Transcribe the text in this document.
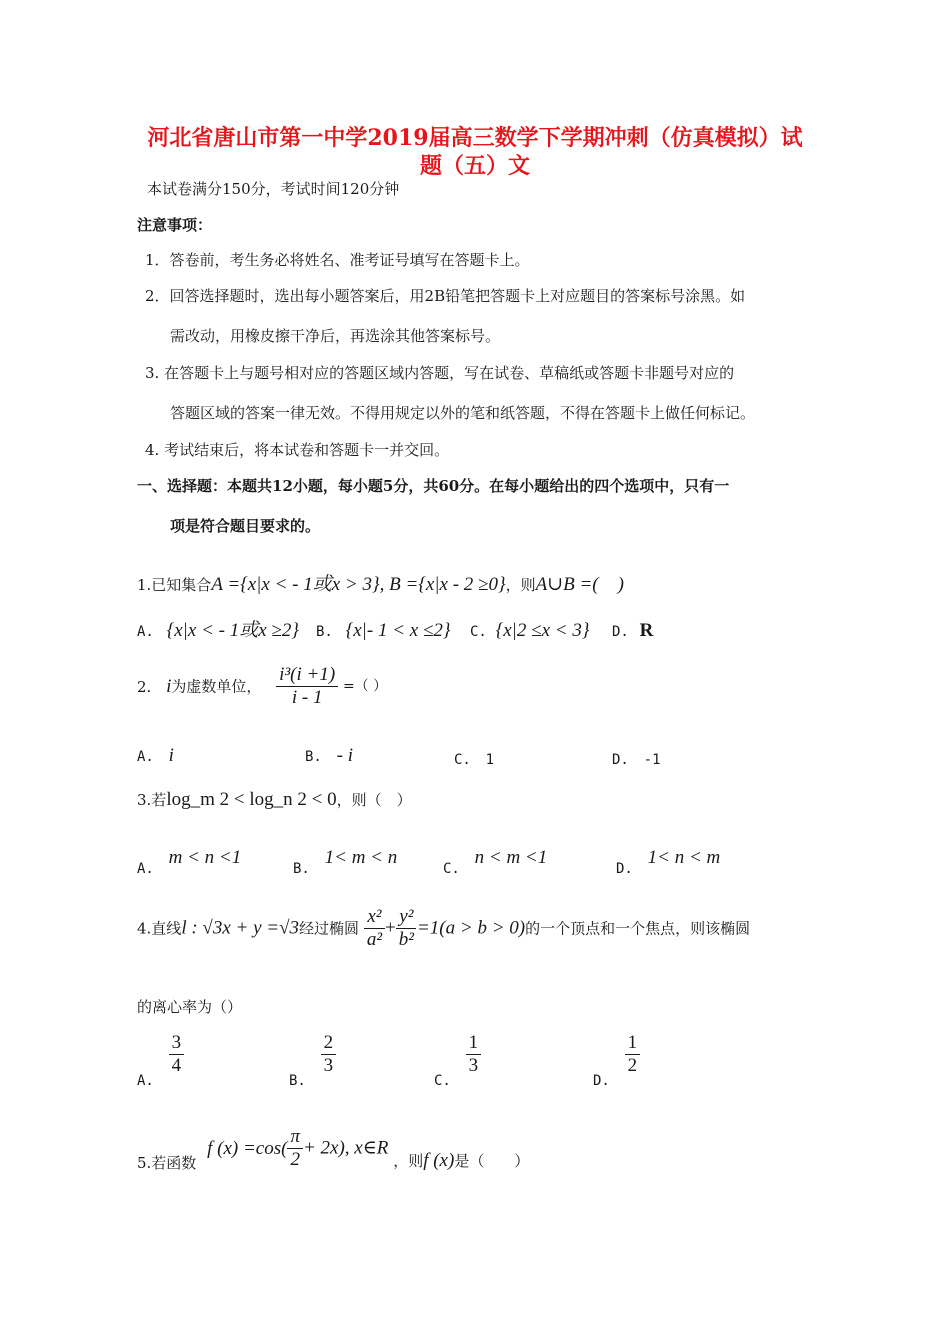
河北省唐山市第一中学2019届高三数学下学期冲刺（仿真模拟）试
题（五）文
本试卷满分150分，考试时间120分钟
注意事项：
1．答卷前，考生务必将姓名、准考证号填写在答题卡上。
2．回答选择题时，选出每小题答案后，用2B铅笔把答题卡上对应题目的答案标号涂黑。如
需改动，用橡皮擦干净后，再选涂其他答案标号。
3. 在答题卡上与题号相对应的答题区域内答题，写在试卷、草稿纸或答题卡非题号对应的
答题区域的答案一律无效。不得用规定以外的笔和纸答题，不得在答题卡上做任何标记。
4. 考试结束后，将本试卷和答题卡一并交回。
一、选择题：本题共12小题，每小题5分，共60分。在每小题给出的四个选项中，只有一
项是符合题目要求的。
1.已知集合A ={x|x < - 1或x > 3}, B ={x|x - 2 ≥0}，则A∪B =(　)
A. {x|x < - 1或x ≥2} B. {x|- 1 < x ≤2} C. {x|2 ≤x < 3} D. R
2. i为虚数单位， $\frac{\text{i³(i +1)}}{i - 1}$ =（ ）
A. i	B. - i	C. 1	D. -1
3.若log_m 2 < log_n 2 < 0，则（　）
A. m < n <1
B. 1< m < n
C. n < m <1
D. 1< n < m
4.直线l : √3x + y =√3经过椭圆 $\frac{\text{x²}}{\text{a²}} + \frac{\text{y²}}{\text{b²}} =1(a > b > 0)$的一个顶点和一个焦点，则该椭圆
的离心率为（）
A.
$\frac{3}{4}$
B.
$\frac{2}{3}$
C.
$\frac{1}{3}$
D.
$\frac{1}{2}$
5.若函数 f $(x) =\cos( \frac{\pi}{2} + 2x)$, x∈R ，则f (x)是（　　）
